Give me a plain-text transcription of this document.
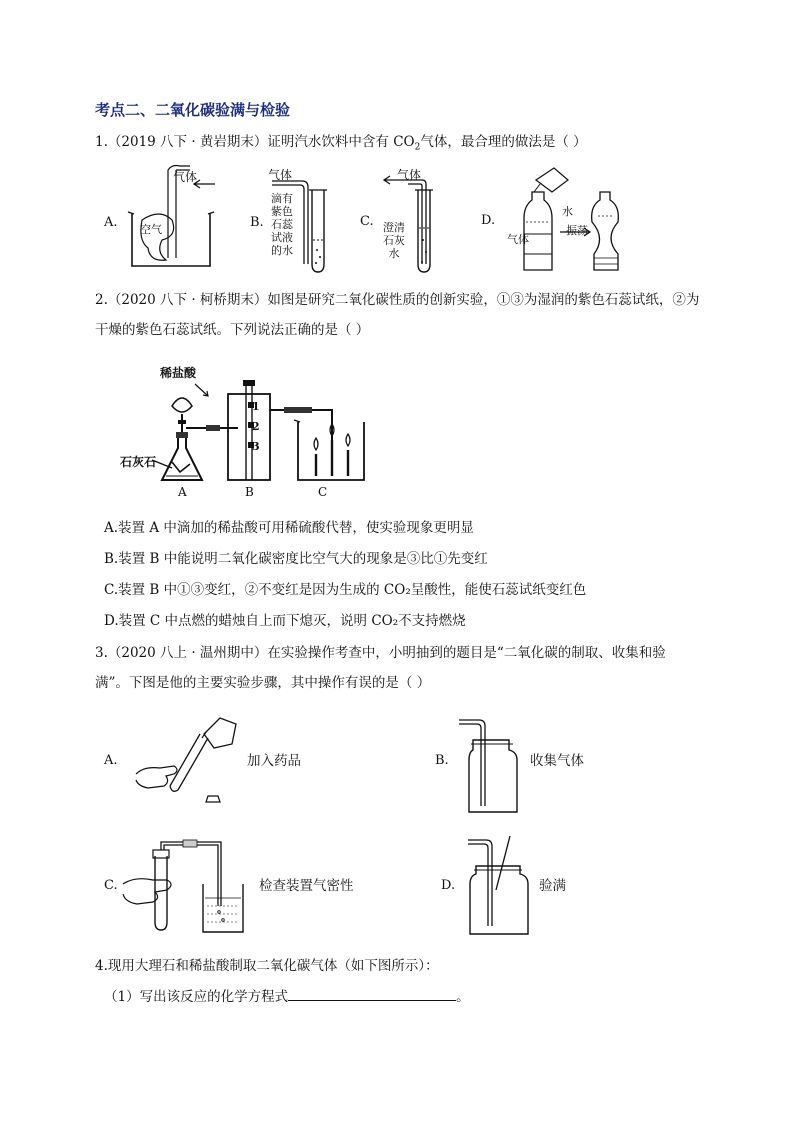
考点二、二氧化碳验满与检验
1.（2019 八下 · 黄岩期末）证明汽水饮料中含有 $CO_2$气体，最合理的做法是（ ）
A.
气体
空气	B.
气体
滴有紫色石蕊试液的水
C.
气体
澄清石灰水
D.
气体
水
振荡
2.（2020 八下 · 柯桥期末）如图是研究二氧化碳性质的创新实验，①③为湿润的紫色石蕊试纸，②为
干燥的紫色石蕊试纸。下列说法正确的是（ ）
稀盐酸
石灰石
1
2
3
A	B	C
A.装置 A 中滴加的稀盐酸可用稀硫酸代替，使实验现象更明显
B.装置 B 中能说明二氧化碳密度比空气大的现象是③比①先变红
C.装置 B 中①③变红，②不变红是因为生成的 CO₂呈酸性，能使石蕊试纸变红色
D.装置 C 中点燃的蜡烛自上而下熄灭，说明 CO₂不支持燃烧
3.（2020 八上 · 温州期中）在实验操作考查中，小明抽到的题目是“二氧化碳的制取、收集和验
满”。下图是他的主要实验步骤，其中操作有误的是（ ）
A.	加入药品	B.	收集气体
C.	检查装置气密性	D.	验满
4.现用大理石和稀盐酸制取二氧化碳气体（如下图所示）：
（1）写出该反应的化学方程式	。
